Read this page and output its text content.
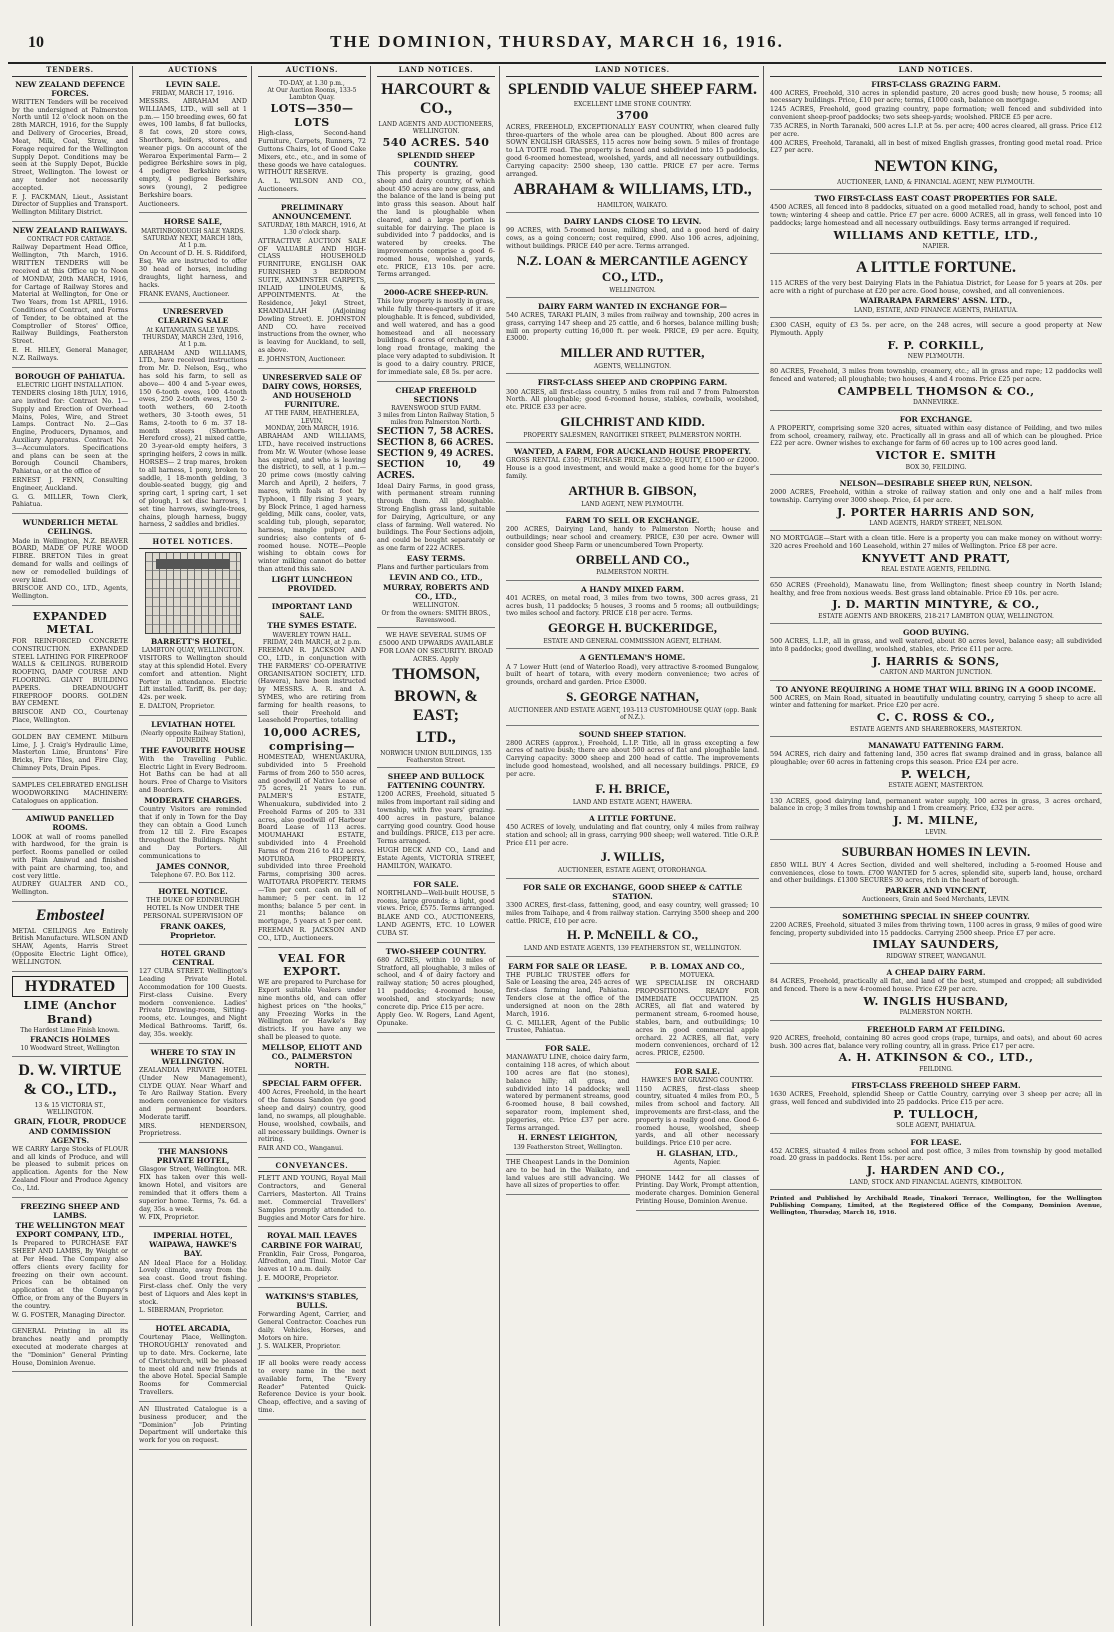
10	THE DOMINION, THURSDAY, MARCH 16, 1916.
TENDERS.
NEW ZEALAND DEFENCE FORCES.

WRITTEN Tenders will be received by the undersigned at Palmerston North until 12 o'clock noon on the 28th MARCH, 1916, for the Supply and Delivery of Groceries, Bread, Meat, Milk, Coal, Straw, and Forage required for the Wellington Supply Depot. Conditions may be seen at the Supply Depot, Buckle Street, Wellington. The lowest or any tender not necessarily accepted.

F. J. FACKMAN, Lieut., Assistant Director of Supplies and Transport. Wellington Military District.

NEW ZEALAND RAILWAYS.
CONTRACT FOR CARTAGE.

Railway Department Head Office, Wellington, 7th March, 1916. WRITTEN TENDERS will be received at this Office up to Noon of MONDAY, 20th MARCH, 1916, for Cartage of Railway Stores and Material at Wellington, for One or Two Years, from 1st APRIL, 1916. Conditions of Contract, and Forms of Tender, to be obtained at the Comptroller of Stores' Office, Railway Buildings, Featherston Street.

E. H. HILEY, General Manager, N.Z. Railways.

BOROUGH OF PAHIATUA.
ELECTRIC LIGHT INSTALLATION.

TENDERS closing 18th JULY, 1916, are invited for: Contract No. 1—Supply and Erection of Overhead Mains, Poles, Wire, and Street Lamps. Contract No. 2—Gas Engine, Producers, Dynamos, and Auxiliary Apparatus. Contract No. 3—Accumulators. Specifications and plans can be seen at the Borough Council Chambers, Pahiatua, or at the office of

ERNEST J. FENN, Consulting Engineer, Auckland.

G. G. MILLER, Town Clerk, Pahiatua.

WUNDERLICH METAL CEILINGS.

Made in Wellington, N.Z. BEAVER BOARD, MADE OF PURE WOOD FIBRE. BRETON Tiles in great demand for walls and ceilings of new or remodelled buildings of every kind.

BRISCOE AND CO., LTD., Agents, Wellington.

EXPANDED METAL

FOR REINFORCED CONCRETE CONSTRUCTION. EXPANDED STEEL LATHING FOR FIREPROOF WALLS & CEILINGS. RUBEROID ROOFING, DAMP COURSE AND FLOORING. GIANT BUILDING PAPERS. DREADNOUGHT FIREPROOF DOORS. GOLDEN BAY CEMENT.

BRISCOE AND CO., Courtenay Place, Wellington.

GOLDEN BAY CEMENT. Milburn Lime, J. J. Craig's Hydraulic Lime, Masterton Lime, Bruntons' Fire Bricks, Fire Tiles, and Fire Clay, Chimney Pots, Drain Pipes.

SAMPLES CELEBRATED ENGLISH WOODWORKING MACHINERY: Catalogues on application.

AMIWUD PANELLED ROOMS.

LOOK at wall of rooms panelled with hardwood, for the grain is perfect. Rooms panelled or ceiled with Plain Amiwud and finished with paint are charming, too, and cost very little.

AUDREY GUALTER AND CO., Wellington.

Embosteel

METAL CEILINGS Are Entirely British Manufacture. WILSON AND SHAW, Agents, Harris Street (Opposite Electric Light Office), WELLINGTON.

HYDRATED
LIME (Anchor Brand)
The Hardest Lime Finish known.
FRANCIS HOLMES
10 Woodward Street, Wellington
D. W. VIRTUE & CO., LTD.,
13 & 15 VICTORIA ST., WELLINGTON.
GRAIN, FLOUR, PRODUCE AND COMMISSION AGENTS.

WE CARRY Large Stocks of FLOUR and all kinds of Produce, and will be pleased to submit prices on application. Agents for the New Zealand Flour and Produce Agency Co., Ltd.

FREEZING SHEEP AND LAMBS.
THE WELLINGTON MEAT EXPORT COMPANY, LTD.,

Is Prepared to PURCHASE FAT SHEEP AND LAMBS, By Weight or at Per Head. The Company also offers clients every facility for freezing on their own account. Prices can be obtained on application at the Company's Office, or from any of the Buyers in the country.

W. G. FOSTER, Managing Director.

GENERAL Printing in all its branches neatly and promptly executed at moderate charges at the "Dominion" General Printing House, Dominion Avenue.

AUCTIONS
LEVIN SALE.
FRIDAY, MARCH 17, 1916.

MESSRS. ABRAHAM AND WILLIAMS, LTD., will sell at 1 p.m.— 150 breeding ewes, 60 fat ewes, 100 lambs, 8 fat bullocks, 8 fat cows, 20 store cows, Shorthorn, heifers, stores, and weaner pigs. On account of the Weraroa Experimental Farm— 2 pedigree Berkshire sows in pig, 4 pedigree Berkshire sows, empty, 4 pedigree Berkshire sows (young), 2 pedigree Berkshire boars.

Auctioneers.

HORSE SALE,
MARTINBOROUGH SALE YARDS.
SATURDAY NEXT, MARCH 18th, At 1 p.m.

On Account of D. H. S. Riddiford, Esq. We are instructed to offer 30 head of horses, including draughts, light harness, and hacks.

FRANK EVANS, Auctioneer.

UNRESERVED CLEARING SALE
At KAITANGATA SALE YARDS.
THURSDAY, MARCH 23rd, 1916, At 1 p.m.

ABRAHAM AND WILLIAMS, LTD., have received instructions from Mr. D. Nelson, Esq., who has sold his farm, to sell as above— 400 4 and 5-year ewes, 150 6-tooth ewes, 100 4-tooth ewes, 250 2-tooth ewes, 150 2-tooth wethers, 60 2-tooth wethers, 30 3-tooth ewes, 51 Rams, 2-tooth to 6 m. 37 18-month steers (Shorthorn-Hereford cross), 21 mixed cattle, 20 3-year-old empty heifers, 3 springing heifers, 2 cows in milk. HORSES— 2 trap mares, broken to all harness, 1 pony, broken to saddle, 1 18-month gelding, 3 double-seated buggy, gig and spring cart, 1 spring cart, 1 set of plough, 1 set disc harrows, 1 set tine harrows, swingle-trees, chains, plough harness, buggy harness, 2 saddles and bridles.

HOTEL NOTICES.
BARRETT'S HOTEL,
LAMBTON QUAY, WELLINGTON.

VISITORS to Wellington should stay at this splendid Hotel. Every comfort and attention. Night Porter in attendance. Electric Lift installed. Tariff, 8s. per day; 42s. per week.

E. DALTON, Proprietor.

LEVIATHAN HOTEL
(Nearly opposite Railway Station), DUNEDIN.
THE FAVOURITE HOUSE

With the Travelling Public. Electric Light in Every Bedroom. Hot Baths can be had at all hours. Free of Charge to Visitors and Boarders.

MODERATE CHARGES.

Country Visitors are reminded that if only in Town for the Day they can obtain a Good Lunch from 12 till 2. Fire Escapes throughout the Buildings. Night and Day Porters. All communications to

JAMES CONNOR,
Telephone 67. P.O. Box 112.
HOTEL NOTICE.

THE DUKE OF EDINBURGH HOTEL Is Now UNDER THE PERSONAL SUPERVISION OF

FRANK OAKES, Proprietor.
HOTEL GRAND CENTRAL

127 CUBA STREET. Wellington's Leading Private Hotel. Accommodation for 100 Guests. First-class Cuisine. Every modern convenience. Ladies' Private Drawing-room, Sitting-rooms, etc. Lounges, and Night Medical Bathrooms. Tariff, 6s. day, 35s. weekly.

WHERE TO STAY IN WELLINGTON.

ZEALANDIA PRIVATE HOTEL (Under New Management), CLYDE QUAY. Near Wharf and Te Aro Railway Station. Every modern convenience for visitors and permanent boarders. Moderate tariff.

MRS. HENDERSON, Proprietress.

THE MANSIONS PRIVATE HOTEL,

Glasgow Street, Wellington. MR. FIX has taken over this well-known Hotel, and visitors are reminded that it offers them a superior home. Terms, 7s. 6d. a day, 35s. a week.

W. FIX, Proprietor.

IMPERIAL HOTEL, WAIPAWA, HAWKE'S BAY.

AN Ideal Place for a Holiday. Lovely climate, away from the sea coast. Good trout fishing. First-class chef. Only the very best of Liquors and Ales kept in stock.

L. SIBERMAN, Proprietor.

HOTEL ARCADIA,

Courtenay Place, Wellington. THOROUGHLY renovated and up to date. Mrs. Cockerne, late of Christchurch, will be pleased to meet old and new friends at the above Hotel. Special Sample Rooms for Commercial Travellers.

AN Illustrated Catalogue is a business producer, and the "Dominion" Job Printing Department will undertake this work for you on request.

AUCTIONS.
TO-DAY, at 1.30 p.m.,
At Our Auction Rooms, 133-5 Lambton Quay.
LOTS—350—LOTS

High-class, Second-hand Furniture, Carpets, Runners, 72 Guttons Chairs, lot of Good Cake Mixers, etc., etc., and in some of these goods we have catalogues. WITHOUT RESERVE.

A. L. WILSON AND CO., Auctioneers.

PRELIMINARY ANNOUNCEMENT.
SATURDAY, 18th MARCH, 1916, At 1.30 o'clock sharp.

ATTRACTIVE AUCTION SALE OF VALUABLE AND HIGH-CLASS HOUSEHOLD FURNITURE, ENGLISH OAK FURNISHED 3 BEDROOM SUITE, AXMINSTER CARPETS, INLAID LINOLEUMS, & APPOINTMENTS. At the Residence, Jekyl Street, KHANDALLAH (Adjoining Dowling Street). E. JOHNSTON AND CO. have received instructions from the owner, who is leaving for Auckland, to sell, as above.

E. JOHNSTON, Auctioneer.

UNRESERVED SALE OF DAIRY COWS, HORSES, AND HOUSEHOLD FURNITURE.
AT THE FARM, HEATHERLEA, LEVIN.
MONDAY, 20th MARCH, 1916.

ABRAHAM AND WILLIAMS, LTD., have received instructions from Mr. W. Wouter (whose lease has expired, and who is leaving the district), to sell, at 1 p.m.— 20 prime cows (mostly calving March and April), 2 heifers, 7 mares, with foals at foot by Typhoon, 1 filly rising 3 years, by Block Prince, 1 aged harness gelding, Milk cans, cooler, vats, scalding tub, plough, separator, harness, mangle pulper, and sundries; also contents of 6-roomed house. NOTE—People wishing to obtain cows for winter milking cannot do better than attend this sale.

LIGHT LUNCHEON PROVIDED.
IMPORTANT LAND SALE.
THE SYMES ESTATE.
WAVERLEY TOWN HALL.
FRIDAY, 24th MARCH, at 2 p.m.

FREEMAN R. JACKSON AND CO., LTD., in conjunction with THE FARMERS' CO-OPERATIVE ORGANISATION SOCIETY, LTD. (Hawera), have been instructed by MESSRS. A. R. and A. SYMES, who are retiring from farming for health reasons, to sell their Freehold and Leasehold Properties, totalling

10,000 ACRES, comprising—

HOMESTEAD, WHENUAKURA, subdivided into 5 Freehold Farms of from 260 to 550 acres, and goodwill of Native Lease of 75 acres, 21 years to run. PALMER'S ESTATE, Whenuakura, subdivided into 2 Freehold Farms of 205 to 331 acres, also goodwill of Harbour Board Lease of 113 acres. MOUMAHAKI ESTATE, subdivided into 4 Freehold Farms of from 216 to 412 acres. MOTUROA PROPERTY, subdivided into three Freehold Farms, comprising 300 acres. WAITOTARA PROPERTY. TERMS—Ten per cent. cash on fall of hammer; 5 per cent. in 12 months; balance 5 per cent. in 21 months; balance on mortgage, 5 years at 5 per cent.

FREEMAN R. JACKSON AND CO., LTD., Auctioneers.

VEAL FOR EXPORT.

WE are prepared to Purchase for Export suitable Vealers under nine months old, and can offer highest prices on "the hooks," any Freezing Works in the Wellington or Hawke's Bay districts. If you have any we shall be pleased to quote.

MELLSOP, ELIOTT AND CO., PALMERSTON NORTH.
SPECIAL FARM OFFER.

400 Acres, Freehold, in the heart of the famous Sandon (ye good sheep and dairy) country, good land, no swamps, all ploughable. House, woolshed, cowbails, and all necessary buildings. Owner is retiring.

FAIR AND CO., Wanganui.

CONVEYANCES.

FLETT AND YOUNG, Royal Mail Contractors, and General Carriers, Masterton. All Trains met. Commercial Travellers' Samples promptly attended to. Buggies and Motor Cars for hire.

ROYAL MAIL LEAVES CARBINE FOR WAIRAU,

Franklin, Fair Cross, Pongaroa, Alfredton, and Tinui. Motor Car leaves at 10 a.m. daily.

J. E. MOORE, Proprietor.

WATKINS'S STABLES, BULLS.

Forwarding Agent, Carrier, and General Contractor. Coaches run daily. Vehicles, Horses, and Motors on hire.

J. S. WALKER, Proprietor.

IF all books were ready access to every name in the next available form, The "Every Reader" Patented Quick-Reference Device is your book. Cheap, effective, and a saving of time.

LAND NOTICES.
HARCOURT & CO.,
LAND AGENTS AND AUCTIONEERS, WELLINGTON.
540 ACRES. 540
SPLENDID SHEEP COUNTRY.

This property is grazing, good sheep and dairy country, of which about 450 acres are now grass, and the balance of the land is being put into grass this season. About half the land is ploughable when cleared, and a large portion is suitable for dairying. The place is subdivided into 7 paddocks, and is watered by creeks. The improvements comprise a good 6-roomed house, woolshed, yards, etc. PRICE, £13 10s. per acre. Terms arranged.

2000-ACRE SHEEP-RUN.

This low property is mostly in grass, while fully three-quarters of it are ploughable. It is fenced, subdivided, and well watered, and has a good homestead and all necessary buildings. 6 acres of orchard, and a long road frontage, making the place very adapted to subdivision. It is good to a dairy country. PRICE, for immediate sale, £8 5s. per acre.

CHEAP FREEHOLD SECTIONS
RAVENSWOOD STUD FARM.
3 miles from Linton Railway Station, 5 miles from Palmerston North.
SECTION 7, 58 ACRES.
SECTION 8, 66 ACRES.
SECTION 9, 49 ACRES.
SECTION 10, 49 ACRES.

Ideal Dairy Farms, in good grass, with permanent stream running through them. All ploughable. Strong English grass land, suitable for Dairying, Agriculture, or any class of farming. Well watered. No buildings. The Four Sections adjoin, and could be bought separately or as one farm of 222 ACRES.

EASY TERMS.

Plans and further particulars from

LEVIN AND CO., LTD.,
MURRAY, ROBERTS AND CO., LTD.,
WELLINGTON.
Or from the owners: SMITH BROS., Ravenswood.

WE HAVE SEVERAL SUMS OF £5000 AND UPWARDS AVAILABLE FOR LOAN ON SECURITY. BROAD ACRES. Apply

THOMSON,
BROWN, & EAST;
LTD.,
NORWICH UNION BUILDINGS, 135 Featherston Street.
SHEEP AND BULLOCK FATTENING COUNTRY.

1200 ACRES, Freehold, situated 5 miles from important rail siding and township, with five years' grazing. 400 acres in pasture, balance carrying good country. Good house and buildings. PRICE, £13 per acre. Terms arranged.

HUGH DECK AND CO., Land and Estate Agents, VICTORIA STREET, HAMILTON, WAIKATO.

FOR SALE.

NORTHLAND—Well-built HOUSE, 5 rooms, large grounds; a light, good views. Price, £575. Terms arranged.

BLAKE AND CO., AUCTIONEERS, LAND AGENTS, ETC. 10 LOWER CUBA ST.

TWO-SHEEP COUNTRY.

680 ACRES, within 10 miles of Stratford, all ploughable, 3 miles of school, and 4 of dairy factory and railway station; 50 acres ploughed, 11 paddocks; 4-roomed house, woolshed, and stockyards; new concrete dip. Price £15 per acre.

Apply Geo. W. Rogers, Land Agent, Opunake.

LAND NOTICES.
SPLENDID VALUE SHEEP FARM.
EXCELLENT LIME STONE COUNTRY.
3700

ACRES, FREEHOLD, EXCEPTIONALLY EASY COUNTRY, when cleared fully three-quarters of the whole area can be ploughed. About 800 acres are SOWN ENGLISH GRASSES, 115 acres now being sown. 5 miles of frontage to LA TOITE road. The property is fenced and subdivided into 15 paddocks, good 6-roomed homestead, woolshed, yards, and all necessary outbuildings. Carrying capacity: 2500 sheep, 130 cattle. PRICE £7 per acre. Terms arranged.

ABRAHAM & WILLIAMS, LTD.,
HAMILTON, WAIKATO.
DAIRY LANDS CLOSE TO LEVIN.

99 ACRES, with 5-roomed house, milking shed, and a good herd of dairy cows, as a going concern; cost required, £990. Also 106 acres, adjoining, without buildings. PRICE £40 per acre. Terms arranged.

N.Z. LOAN & MERCANTILE AGENCY CO., LTD.,
WELLINGTON.
DAIRY FARM WANTED IN EXCHANGE FOR—

540 ACRES, TARAKI PLAIN, 3 miles from railway and township, 200 acres in grass, carrying 147 sheep and 25 cattle, and 6 horses, balance milling bush; mill on property cutting 16,000 ft. per week. PRICE, £9 per acre. Equity, £3000.

MILLER AND RUTTER,
AGENTS, WELLINGTON.
FIRST-CLASS SHEEP AND CROPPING FARM.

300 ACRES, all first-class country, 5 miles from rail and 7 from Palmerston North. All ploughable; good 6-roomed house, stables, cowbails, woolshed, etc. PRICE £33 per acre.

GILCHRIST AND KIDD.
PROPERTY SALESMEN, RANGITIKEI STREET, PALMERSTON NORTH.
WANTED, A FARM, FOR AUCKLAND HOUSE PROPERTY.

GROSS RENTAL £350; PURCHASE PRICE, £3250; EQUITY, £1500 or £2000. House is a good investment, and would make a good home for the buyer's family.

ARTHUR B. GIBSON,
LAND AGENT, NEW PLYMOUTH.
FARM TO SELL OR EXCHANGE.

200 ACRES, Dairying Land, handy to Palmerston North; house and outbuildings; near school and creamery. PRICE, £30 per acre. Owner will consider good Sheep Farm or unencumbered Town Property.

ORBELL AND CO.,
PALMERSTON NORTH.
A HANDY MIXED FARM.

401 ACRES, on metal road, 3 miles from two towns, 300 acres grass, 21 acres bush, 11 paddocks; 5 houses, 3 rooms and 5 rooms; all outbuildings; two miles school and factory. PRICE £18 per acre. Terms.

GEORGE H. BUCKERIDGE,
ESTATE AND GENERAL COMMISSION AGENT, ELTHAM.
A GENTLEMAN'S HOME.

A 7 Lower Hutt (end of Waterloo Road), very attractive 8-roomed Bungalow, built of heart of totara, with every modern convenience; two acres of grounds, orchard and garden. Price £3000.

S. GEORGE NATHAN,
AUCTIONEER AND ESTATE AGENT, 193-113 CUSTOMHOUSE QUAY (opp. Bank of N.Z.).
SOUND SHEEP STATION.

2800 ACRES (approx.), Freehold, L.I.P. Title, all in grass excepting a few acres of native bush; there are about 500 acres of flat and ploughable land. Carrying capacity: 3000 sheep and 200 head of cattle. The improvements include good homestead, woolshed, and all necessary buildings. PRICE, £9 per acre.

F. H. BRICE,
LAND AND ESTATE AGENT, HAWERA.
A LITTLE FORTUNE.

450 ACRES of lovely, undulating and flat country, only 4 miles from railway station and school; all in grass, carrying 900 sheep; well watered. Title O.R.P. Price £11 per acre.

J. WILLIS,
AUCTIONEER, ESTATE AGENT, OTOROHANGA.
FOR SALE OR EXCHANGE, GOOD SHEEP & CATTLE STATION.

3300 ACRES, first-class, fattening, good, and easy country, well grassed; 10 miles from Taihape, and 4 from railway station. Carrying 3500 sheep and 200 cattle. PRICE, £10 per acre.

H. P. McNEILL & CO.,
LAND AND ESTATE AGENTS, 139 FEATHERSTON ST., WELLINGTON.
FARM FOR SALE OR LEASE.

THE PUBLIC TRUSTEE offers for Sale or Leasing the area, 245 acres of first-class farming land, Pahiatua. Tenders close at the office of the undersigned at noon on the 28th March, 1916.

G. C. MILLER, Agent of the Public Trustee, Pahiatua.

FOR SALE.

MANAWATU LINE, choice dairy farm, containing 118 acres, of which about 100 acres are flat (no stones), balance hilly; all grass, and subdivided into 14 paddocks; well watered by permanent streams, good 6-roomed house, 8 bail cowshed, separator room, implement shed, piggeries, etc. Price £37 per acre. Terms arranged.

H. ERNEST LEIGHTON,
139 Featherston Street, Wellington.

THE Cheapest Lands in the Dominion are to be had in the Waikato, and land values are still advancing. We have all sizes of properties to offer.

P. B. LOMAX AND CO.,
MOTUEKA.

WE SPECIALISE IN ORCHARD PROPOSITIONS. READY FOR IMMEDIATE OCCUPATION. 25 ACRES, all flat and watered by permanent stream, 6-roomed house, stables, barn, and outbuildings; 10 acres in good commercial apple orchard. 22 ACRES, all flat, very modern conveniences, orchard of 12 acres. PRICE, £2500.

FOR SALE.
HAWKE'S BAY GRAZING COUNTRY.

1150 ACRES, first-class sheep country, situated 4 miles from P.O., 5 miles from school and factory. All improvements are first-class, and the property is a really good one. Good 6-roomed house, woolshed, sheep yards, and all other necessary buildings. Price £10 per acre.

H. GLASHAN, LTD.,
Agents, Napier.

PHONE 1442 for all classes of Printing. Day Work, Prompt attention, moderate charges. Dominion General Printing House, Dominion Avenue.

LAND NOTICES.
FIRST-CLASS GRAZING FARM.

400 ACRES, Freehold, 310 acres in splendid pasture, 20 acres good bush; new house, 5 rooms; all necessary buildings. Price, £10 per acre; terms, £1000 cash, balance on mortgage.

1245 ACRES, Freehold, good grazing country, pape formation; well fenced and subdivided into convenient sheep-proof paddocks; two sets sheep-yards; woolshed. PRICE £5 per acre.

735 ACRES, in North Taranaki, 500 acres L.I.P. at 5s. per acre; 400 acres cleared, all grass. Price £12 per acre.

400 ACRES, Freehold, Taranaki, all in best of mixed English grasses, fronting good metal road. Price £27 per acre.

NEWTON KING,
AUCTIONEER, LAND, & FINANCIAL AGENT, NEW PLYMOUTH.
TWO FIRST-CLASS EAST COAST PROPERTIES FOR SALE.

4500 ACRES, all fenced into 8 paddocks, situated on a good metalled road, handy to school, post and town; wintering 4 sheep and cattle. Price £7 per acre. 6000 ACRES, all in grass, well fenced into 10 paddocks; large homestead and all necessary outbuildings. Easy terms arranged if required.

WILLIAMS AND KETTLE, LTD.,
NAPIER.
A LITTLE FORTUNE.

115 ACRES of the very best Dairying Flats in the Pahiatua District, for Lease for 5 years at 20s. per acre with a right of purchase at £20 per acre. Good house, cowshed, and all conveniences.

WAIRARAPA FARMERS' ASSN. LTD.,
LAND, ESTATE, AND FINANCE AGENTS, PAHIATUA.

£300 CASH, equity of £3 5s. per acre, on the 248 acres, will secure a good property at New Plymouth. Apply

F. P. CORKILL,
NEW PLYMOUTH.

80 ACRES, Freehold, 3 miles from township, creamery, etc.; all in grass and rape; 12 paddocks well fenced and watered; all ploughable; two houses, 4 and 4 rooms. Price £25 per acre.

CAMPBELL THOMSON & CO.,
DANNEVIRKE.
FOR EXCHANGE.

A PROPERTY, comprising some 320 acres, situated within easy distance of Feilding, and two miles from school, creamery, railway, etc. Practically all in grass and all of which can be ploughed. Price £22 per acre. Owner wishes to exchange for farm of 60 acres up to 100 acres good land.

VICTOR E. SMITH
BOX 30, FEILDING.
NELSON—DESIRABLE SHEEP RUN, NELSON.

2000 ACRES, Freehold, within a stroke of railway station and only one and a half miles from township. Carrying over 3000 sheep. Price, £4 per acre.

J. PORTER HARRIS AND SON,
LAND AGENTS, HARDY STREET, NELSON.

NO MORTGAGE—Start with a clean title. Here is a property you can make money on without worry: 320 acres Freehold and 160 Leasehold, within 27 miles of Wellington. Price £8 per acre.

KNYVETT AND PRATT,
REAL ESTATE AGENTS, FEILDING.

650 ACRES (Freehold), Manawatu line, from Wellington; finest sheep country in North Island; healthy, and free from noxious weeds. Best grass land obtainable. Price £9 10s. per acre.

J. D. MARTIN MINTYRE, & CO.,
ESTATE AGENTS AND BROKERS, 218-217 LAMBTON QUAY, WELLINGTON.
GOOD BUYING.

500 ACRES, L.I.P., all in grass, and well watered, about 80 acres level, balance easy; all subdivided into 8 paddocks; good dwelling, woolshed, stables, etc. Price £11 per acre.

J. HARRIS & SONS,
CARTON AND MARTON JUNCTION.
TO ANYONE REQUIRING A HOME THAT WILL BRING IN A GOOD INCOME.

500 ACRES, on Main Road, situated in beautifully undulating country, carrying 5 sheep to acre all winter and fattening for market. Price £20 per acre.

C. C. ROSS & CO.,
ESTATE AGENTS AND SHAREBROKERS, MASTERTON.
MANAWATU FATTENING FARM.

594 ACRES, rich dairy and fattening land, 350 acres flat swamp drained and in grass, balance all ploughable; over 60 acres in fattening crops this season. Price £24 per acre.

P. WELCH,
ESTATE AGENT, MASTERTON.

130 ACRES, good dairying land, permanent water supply, 100 acres in grass, 3 acres orchard, balance in crop; 3 miles from township and 1 from creamery. Price, £32 per acre.

J. M. MILNE,
LEVIN.
SUBURBAN HOMES IN LEVIN.

£850 WILL BUY 4 Acres Section, divided and well sheltered, including a 5-roomed House and conveniences, close to town. £700 WANTED for 5 acres, splendid site, superb land, house, orchard and other buildings. £1300 SECURES 30 acres, rich in the heart of borough.

PARKER AND VINCENT,
Auctioneers, Grain and Seed Merchants, LEVIN.
SOMETHING SPECIAL IN SHEEP COUNTRY.

2200 ACRES, Freehold, situated 3 miles from thriving town, 1100 acres in grass, 9 miles of good wire fencing, property subdivided into 15 paddocks. Carrying 2500 sheep. Price £7 per acre.

IMLAY SAUNDERS,
RIDGWAY STREET, WANGANUI.
A CHEAP DAIRY FARM.

84 ACRES, Freehold, practically all flat, and land of the best, stumped and cropped; all subdivided and fenced. There is a new 4-roomed house. Price £29 per acre.

W. INGLIS HUSBAND,
PALMERSTON NORTH.
FREEHOLD FARM AT FEILDING.

920 ACRES, freehold, containing 80 acres good crops (rape, turnips, and oats), and about 60 acres bush. 300 acres flat, balance very rolling country, all in grass. Price £17 per acre.

A. H. ATKINSON & CO., LTD.,
FEILDING.
FIRST-CLASS FREEHOLD SHEEP FARM.

1630 ACRES, Freehold, splendid Sheep or Cattle Country, carrying over 3 sheep per acre; all in grass, well fenced and subdivided into 25 paddocks. Price £15 per acre.

P. TULLOCH,
SOLE AGENT, PAHIATUA.
FOR LEASE.

452 ACRES, situated 4 miles from school and post office, 3 miles from township by good metalled road. 20 grass in paddocks. Rent 15s. per acre.

J. HARDEN AND CO.,
LAND, STOCK AND FINANCIAL AGENTS, KIMBOLTON.

Printed and Published by Archibald Reade, Tinakori Terrace, Wellington, for the Wellington Publishing Company, Limited, at the Registered Office of the Company, Dominion Avenue, Wellington, Thursday, March 16, 1916.
